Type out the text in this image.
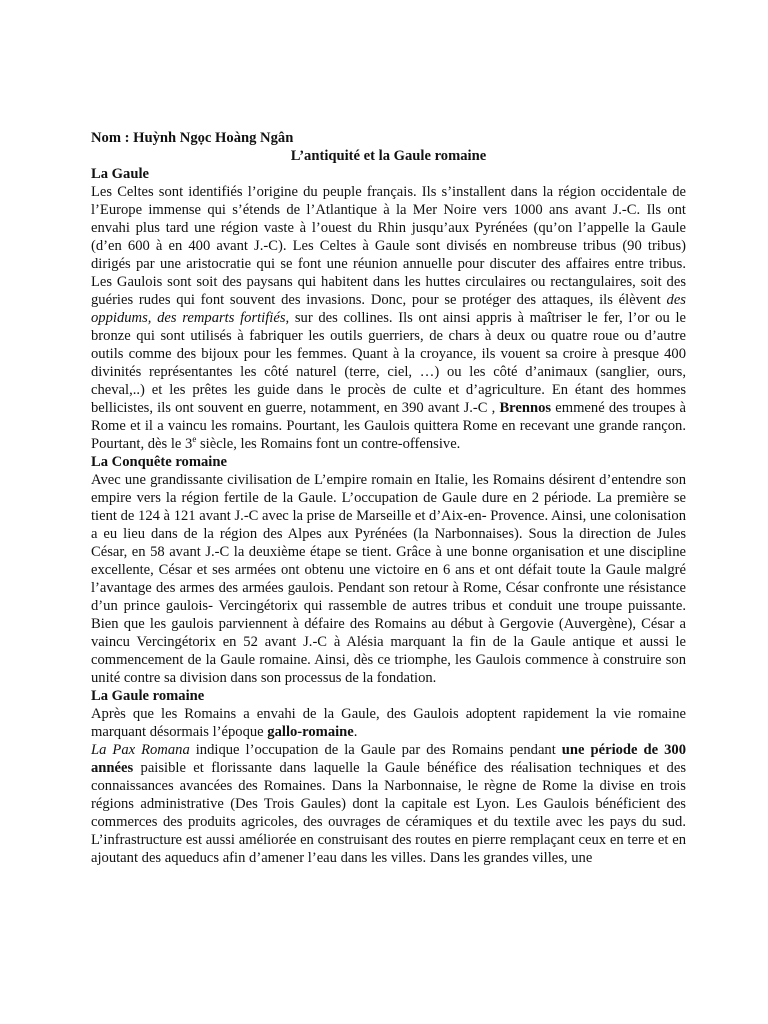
Nom : Huỳnh Ngọc Hoàng Ngân

L’antiquité et la Gaule romaine

La Gaule

Les Celtes sont identifiés l’origine du peuple français. Ils s’installent dans la région occidentale de l’Europe immense qui s’étends de l’Atlantique à la Mer Noire vers 1000 ans avant J.-C. Ils ont envahi plus tard une région vaste à l’ouest du Rhin jusqu’aux Pyrénées (qu’on l’appelle la Gaule (d’en 600 à en 400 avant J.-C). Les Celtes à Gaule sont divisés en nombreuse tribus (90 tribus) dirigés par une aristocratie qui se font une réunion annuelle pour discuter des affaires entre tribus. Les Gaulois sont soit des paysans qui habitent dans les huttes circulaires ou rectangulaires, soit des guéries rudes qui font souvent des invasions. Donc, pour se protéger des attaques, ils élèvent des oppidums, des remparts fortifiés, sur des collines. Ils ont ainsi appris à maîtriser le fer, l’or ou le bronze qui sont utilisés à fabriquer les outils guerriers, de chars à deux ou quatre roue ou d’autre outils comme des bijoux pour les femmes. Quant à la croyance, ils vouent sa croire à presque 400 divinités représentantes les côté naturel (terre, ciel, …) ou les côté d’animaux (sanglier, ours, cheval,..) et les prêtes les guide dans le procès de culte et d’agriculture. En étant des hommes bellicistes, ils ont souvent en guerre, notamment, en 390 avant J.-C , Brennos emmené des troupes à Rome et il a vaincu les romains. Pourtant, les Gaulois quittera Rome en recevant une grande rançon. Pourtant, dès le 3e siècle, les Romains font un contre-offensive.

La Conquête romaine

Avec une grandissante civilisation de L’empire romain en Italie, les Romains désirent d’entendre son empire vers la région fertile de la Gaule. L’occupation de Gaule dure en 2 période. La première se tient de 124 à 121 avant J.-C avec la prise de Marseille et d’Aix-en- Provence. Ainsi, une colonisation a eu lieu dans de la région des Alpes aux Pyrénées (la Narbonnaises). Sous la direction de Jules César, en 58 avant J.-C la deuxième étape se tient. Grâce à une bonne organisation et une discipline excellente, César et ses armées ont obtenu une victoire en 6 ans et ont défait toute la Gaule malgré l’avantage des armes des armées gaulois. Pendant son retour à Rome, César confronte une résistance d’un prince gaulois- Vercingétorix qui rassemble de autres tribus et conduit une troupe puissante. Bien que les gaulois parviennent à défaire des Romains au début à Gergovie (Auvergène), César a vaincu Vercingétorix en 52 avant J.-C à Alésia marquant la fin de la Gaule antique et aussi le commencement de la Gaule romaine. Ainsi, dès ce triomphe, les Gaulois commence à construire son unité contre sa division dans son processus de la fondation.

La Gaule romaine

Après que les Romains a envahi de la Gaule, des Gaulois adoptent rapidement la vie romaine marquant désormais l’époque gallo-romaine.

La Pax Romana indique l’occupation de la Gaule par des Romains pendant une période de 300 années paisible et florissante dans laquelle la Gaule bénéfice des réalisation techniques et des connaissances avancées des Romaines. Dans la Narbonnaise, le règne de Rome la divise en trois régions administrative (Des Trois Gaules) dont la capitale est Lyon. Les Gaulois bénéficient des commerces des produits agricoles, des ouvrages de céramiques et du textile avec les pays du sud. L’infrastructure est aussi améliorée en construisant des routes en pierre remplaçant ceux en terre et en ajoutant des aqueducs afin d’amener l’eau dans les villes. Dans les grandes villes, une
